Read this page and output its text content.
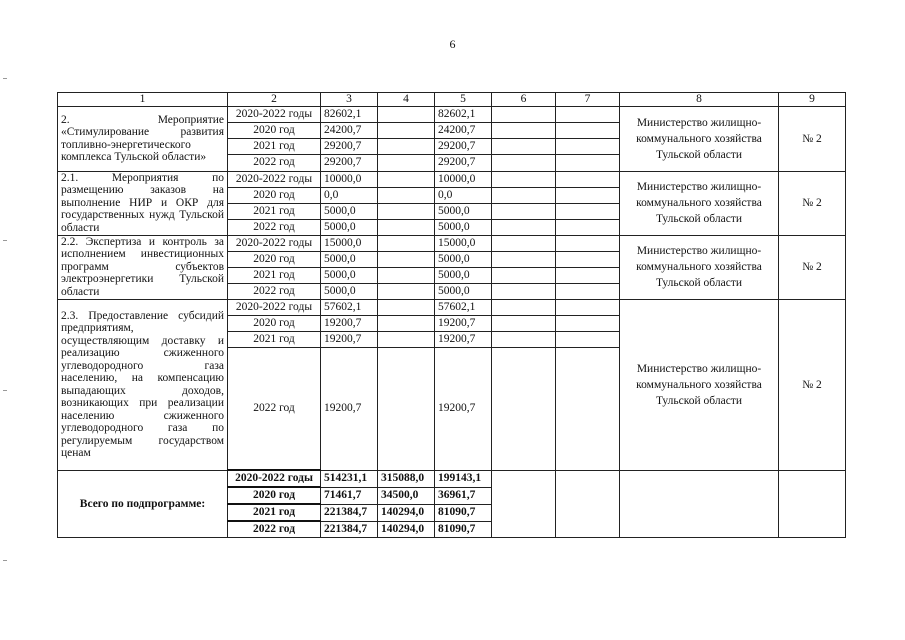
6
1	2	3	4	5	6	7	8	9
2. Мероприятие «Стимулирование развития топливно-энергетического комплекса Тульской области»	2020-2022 годы	82602,1		82602,1			Министерство жилищно-коммунального хозяйства Тульской области	№ 2
	2020 год	24200,7		24200,7				
	2021 год	29200,7		29200,7				
	2022 год	29200,7		29200,7				
2.1. Мероприятия по размещению заказов на выполнение НИР и ОКР для государственных нужд Тульской области	2020-2022 годы	10000,0		10000,0			Министерство жилищно-коммунального хозяйства Тульской области	№ 2
	2020 год	0,0		0,0				
	2021 год	5000,0		5000,0				
	2022 год	5000,0		5000,0				
2.2. Экспертиза и контроль за исполнением инвестиционных программ субъектов электроэнергетики Тульской области	2020-2022 годы	15000,0		15000,0			Министерство жилищно-коммунального хозяйства Тульской области	№ 2
	2020 год	5000,0		5000,0				
	2021 год	5000,0		5000,0				
	2022 год	5000,0		5000,0				
2.3. Предоставление субсидий предприятиям, осуществляющим доставку и реализацию сжиженного углеводородного газа населению, на компенсацию выпадающих доходов, возникающих при реализации населению сжиженного углеводородного газа по регулируемым государством ценам	2020-2022 годы	57602,1		57602,1			Министерство жилищно-коммунального хозяйства Тульской области	№ 2
	2020 год	19200,7		19200,7				
	2021 год	19200,7		19200,7				
	2022 год	19200,7		19200,7				
Всего по подпрограмме:	2020-2022 годы	514231,1	315088,0	199143,1				
	2020 год	71461,7	34500,0	36961,7				
	2021 год	221384,7	140294,0	81090,7				
	2022 год	221384,7	140294,0	81090,7				
